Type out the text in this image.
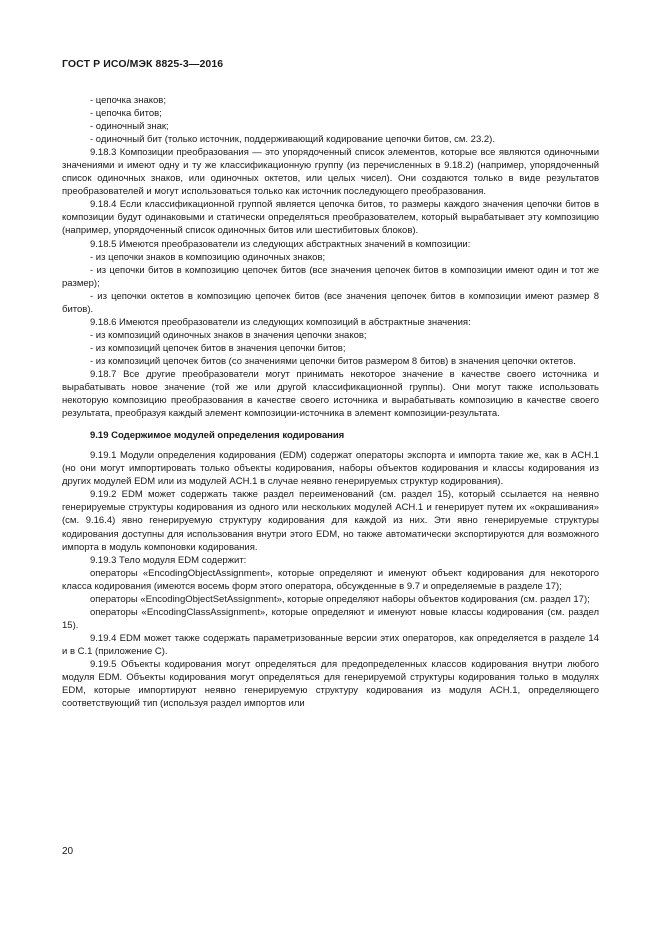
ГОСТ Р ИСО/МЭК 8825-3—2016

- цепочка знаков;

- цепочка битов;

- одиночный знак;

- одиночный бит (только источник, поддерживающий кодирование цепочки битов, см. 23.2).

9.18.3 Композиции преобразования — это упорядоченный список элементов, которые все являются одиночными значениями и имеют одну и ту же классификационную группу (из перечисленных в 9.18.2) (например, упорядоченный список одиночных знаков, или одиночных октетов, или целых чисел). Они создаются только в виде результатов преобразователей и могут использоваться только как источник последующего преобразования.

9.18.4 Если классификационной группой является цепочка битов, то размеры каждого значения цепочки битов в композиции будут одинаковыми и статически определяться преобразователем, который вырабатывает эту композицию (например, упорядоченный список одиночных битов или шестибитовых блоков).

9.18.5 Имеются преобразователи из следующих абстрактных значений в композиции:

- из цепочки знаков в композицию одиночных знаков;

- из цепочки битов в композицию цепочек битов (все значения цепочек битов в композиции имеют один и тот же размер);

- из цепочки октетов в композицию цепочек битов (все значения цепочек битов в композиции имеют размер 8 битов).

9.18.6 Имеются преобразователи из следующих композиций в абстрактные значения:

- из композиций одиночных знаков в значения цепочки знаков;

- из композиций цепочек битов в значения цепочки битов;

- из композиций цепочек битов (со значениями цепочки битов размером 8 битов) в значения цепочки октетов.

9.18.7 Все другие преобразователи могут принимать некоторое значение в качестве своего источника и вырабатывать новое значение (той же или другой классификационной группы). Они могут также использовать некоторую композицию преобразования в качестве своего источника и вырабатывать композицию в качестве своего результата, преобразуя каждый элемент композиции-источника в элемент композиции-результата.

9.19 Содержимое модулей определения кодирования

9.19.1 Модули определения кодирования (EDM) содержат операторы экспорта и импорта такие же, как в ACH.1 (но они могут импортировать только объекты кодирования, наборы объектов кодирования и классы кодирования из других модулей EDM или из модулей ACH.1 в случае неявно генерируемых структур кодирования).

9.19.2 EDM может содержать также раздел переименований (см. раздел 15), который ссылается на неявно генерируемые структуры кодирования из одного или нескольких модулей ACH.1 и генерирует путем их «окрашивания» (см. 9.16.4) явно генерируемую структуру кодирования для каждой из них. Эти явно генерируемые структуры кодирования доступны для использования внутри этого EDM, но также автоматически экспортируются для возможного импорта в модуль компоновки кодирования.

9.19.3 Тело модуля EDM содержит:

операторы «EncodingObjectAssignment», которые определяют и именуют объект кодирования для некоторого класса кодирования (имеются восемь форм этого оператора, обсужденные в 9.7 и определяемые в разделе 17);

операторы «EncodingObjectSetAssignment», которые определяют наборы объектов кодирования (см. раздел 17);

операторы «EncodingClassAssignment», которые определяют и именуют новые классы кодирования (см. раздел 15).

9.19.4 EDM может также содержать параметризованные версии этих операторов, как определяется в разделе 14 и в C.1 (приложение C).

9.19.5 Объекты кодирования могут определяться для предопределенных классов кодирования внутри любого модуля EDM. Объекты кодирования могут определяться для генерируемой структуры кодирования только в модулях EDM, которые импортируют неявно генерируемую структуру кодирования из модуля ACH.1, определяющего соответствующий тип (используя раздел импортов или

20
